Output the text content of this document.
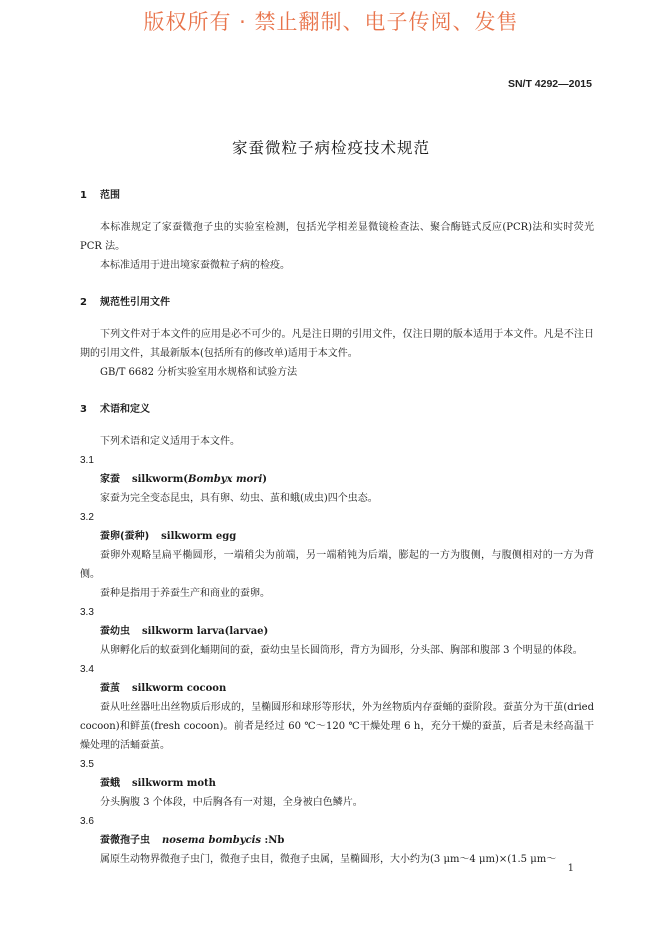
版权所有 · 禁止翻制、电子传阅、发售
SN/T 4292—2015
家蚕微粒子病检疫技术规范
1 范围

本标准规定了家蚕微孢子虫的实验室检测，包括光学相差显微镜检查法、聚合酶链式反应(PCR)法和实时荧光 PCR 法。

本标准适用于进出境家蚕微粒子病的检疫。

2 规范性引用文件

下列文件对于本文件的应用是必不可少的。凡是注日期的引用文件，仅注日期的版本适用于本文件。凡是不注日期的引用文件，其最新版本(包括所有的修改单)适用于本文件。

GB/T 6682 分析实验室用水规格和试验方法

3 术语和定义

下列术语和定义适用于本文件。

3.1
家蚕 silkworm(Bombyx mori)

家蚕为完全变态昆虫，具有卵、幼虫、茧和蛾(成虫)四个虫态。

3.2
蚕卵(蚕种) silkworm egg

蚕卵外观略呈扁平椭圆形，一端稍尖为前端，另一端稍钝为后端，膨起的一方为腹侧，与腹侧相对的一方为背侧。

蚕种是指用于养蚕生产和商业的蚕卵。

3.3
蚕幼虫 silkworm larva(larvae)

从卵孵化后的蚁蚕到化蛹期间的蚕，蚕幼虫呈长圆筒形，背方为圆形，分头部、胸部和腹部 3 个明显的体段。

3.4
蚕茧 silkworm cocoon

蚕从吐丝器吐出丝物质后形成的，呈椭圆形和球形等形状，外为丝物质内存蚕蛹的蚕阶段。蚕茧分为干茧(dried cocoon)和鲜茧(fresh cocoon)。前者是经过 60 ℃～120 ℃干燥处理 6 h，充分干燥的蚕茧，后者是未经高温干燥处理的活蛹蚕茧。

3.5
蚕蛾 silkworm moth

分头胸腹 3 个体段，中后胸各有一对翅，全身被白色鳞片。

3.6
蚕微孢子虫 nosema bombycis :Nb

属原生动物界微孢子虫门，微孢子虫目，微孢子虫属，呈椭圆形，大小约为(3 μm～4 μm)×(1.5 μm～

1
